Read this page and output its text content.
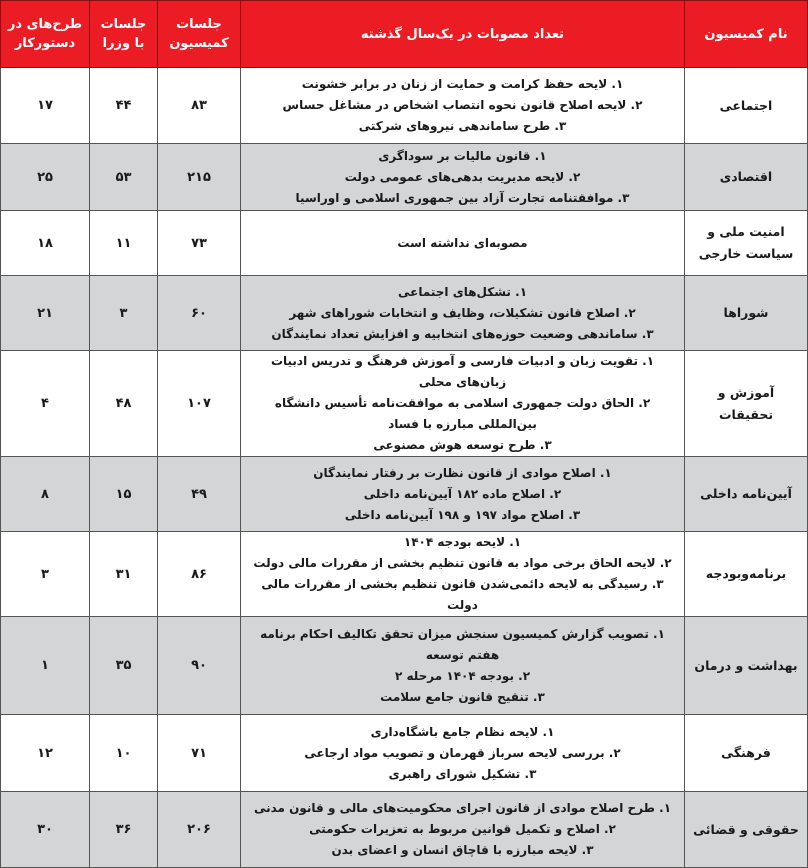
نام کمیسیون	تعداد مصوبات در یک‌سال گذشته	جلسات کمیسیون	جلسات با وزرا	طرح‌های در دستورکار
اجتماعی	۱. لایحه حفظ کرامت و حمایت از زنان در برابر خشونت
۲. لایحه اصلاح قانون نحوه انتصاب اشخاص در مشاغل حساس
۳. طرح ساماندهی نیروهای شرکتی	۸۳	۴۴	۱۷
اقتصادی	۱. قانون مالیات بر سوداگری
۲. لایحه مدیریت بدهی‌های عمومی دولت
۳. موافقتنامه تجارت آزاد بین جمهوری اسلامی و اوراسیا	۲۱۵	۵۳	۲۵
امنیت ملی و سیاست خارجی	مصوبه‌ای نداشته است	۷۳	۱۱	۱۸
شوراها	۱. تشکل‌های اجتماعی
۲. اصلاح قانون تشکیلات، وظایف و انتخابات شوراهای شهر
۳. ساماندهی وضعیت حوزه‌های انتخابیه و افزایش تعداد نمایندگان	۶۰	۳	۲۱
آموزش و تحقیقات	۱. تقویت زبان و ادبیات فارسی و آموزش فرهنگ و تدریس ادبیات زبان‌های محلی
۲. الحاق دولت جمهوری اسلامی به موافقت‌نامه تأسیس دانشگاه بین‌المللی مبارزه با فساد
۳. طرح توسعه هوش مصنوعی	۱۰۷	۴۸	۴
آیین‌نامه داخلی	۱. اصلاح موادی از قانون نظارت بر رفتار نمایندگان
۲. اصلاح ماده ۱۸۲ آیین‌نامه داخلی
۳. اصلاح مواد ۱۹۷ و ۱۹۸ آیین‌نامه داخلی	۴۹	۱۵	۸
برنامه‌وبودجه	۱. لایحه بودجه ۱۴۰۴
۲. لایحه الحاق برخی مواد به قانون تنظیم بخشی از مقررات مالی دولت
۳. رسیدگی به لایحه دائمی‌شدن قانون تنظیم بخشی از مقررات مالی دولت	۸۶	۳۱	۳
بهداشت و درمان	۱. تصویب گزارش کمیسیون سنجش میزان تحقق تکالیف احکام برنامه هفتم توسعه
۲. بودجه ۱۴۰۴ مرحله ۲
۳. تنقیح قانون جامع سلامت	۹۰	۳۵	۱
فرهنگی	۱. لایحه نظام جامع باشگاه‌داری
۲. بررسی لایحه سرباز قهرمان و تصویب مواد ارجاعی
۳. تشکیل شورای راهبری	۷۱	۱۰	۱۲
حقوقی و قضائی	۱. طرح اصلاح موادی از قانون اجرای محکومیت‌های مالی و قانون مدنی
۲. اصلاح و تکمیل قوانین مربوط به تعزیرات حکومتی
۳. لایحه مبارزه با قاچاق انسان و اعضای بدن	۲۰۶	۳۶	۳۰
